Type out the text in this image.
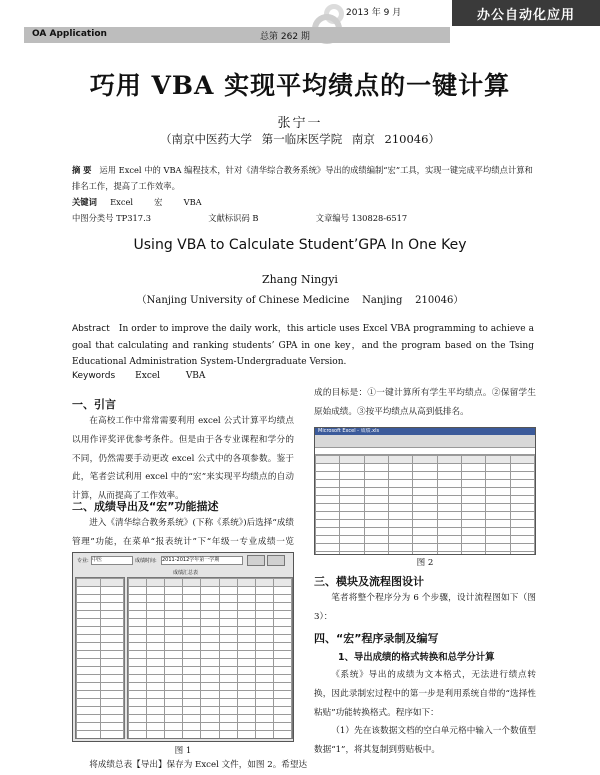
2013 年 9 月	办公自动化应用
OA Application	总第 262 期
巧用 VBA 实现平均绩点的一键计算
张宁一
（南京中医药大学 第一临床医学院 南京 210046）
摘 要 运用 Excel 中的 VBA 编程技术，针对《清华综合教务系统》导出的成绩编制“宏”工具，实现一键完成平均绩点计算和排名工作，提高了工作效率。
关键词 Excel	宏	VBA
中图分类号 TP317.3	文献标识码 B	文章编号 130828-6517
Using VBA to Calculate Student’GPA In One Key
Zhang Ningyi
（Nanjing University of Chinese Medicine    Nanjing    210046）
Abstract In order to improve the daily work，this article uses Excel VBA programming to achieve a goal that calculating and ranking students’ GPA in one key，and the program based on the Tsing Educational Administration System-Undergraduate Version.
Keywords Excel	VBA
一、引言
在高校工作中常常需要利用 excel 公式计算平均绩点以用作评奖评优参考条件。但是由于各专业课程和学分的不同，仍然需要手动更改 excel 公式中的各项参数。鉴于此，笔者尝试利用 excel 中的“宏”来实现平均绩点的自动计算，从而提高了工作效率。
二、成绩导出及“宏”功能描述
进入《清华综合教务系统》(下称《系统》)后选择“成绩管理”功能，在菜单“报表统计”下“年级一专业成绩一览
专业: 中医	成绩时间: 2011-2012学年第一学期
成绩汇总表

图 1
将成绩总表【导出】保存为 Excel 文件，如图 2。希望达
成的目标是：①一键计算所有学生平均绩点。②保留学生原始成绩。③按平均绩点从高到低排名。
Microsoft Excel - 成绩.xls

图 2
三、模块及流程图设计
笔者将整个程序分为 6 个步骤，设计流程图如下（图 3）：
四、“宏”程序录制及编写
1、导出成绩的格式转换和总学分计算
《系统》导出的成绩为文本格式，无法进行绩点转换，因此录制宏过程中的第一步是利用系统自带的“选择性粘贴”功能转换格式。程序如下：
（1）先在该数据文档的空白单元格中输入一个数值型数据“1”，将其复制到剪贴板中。
